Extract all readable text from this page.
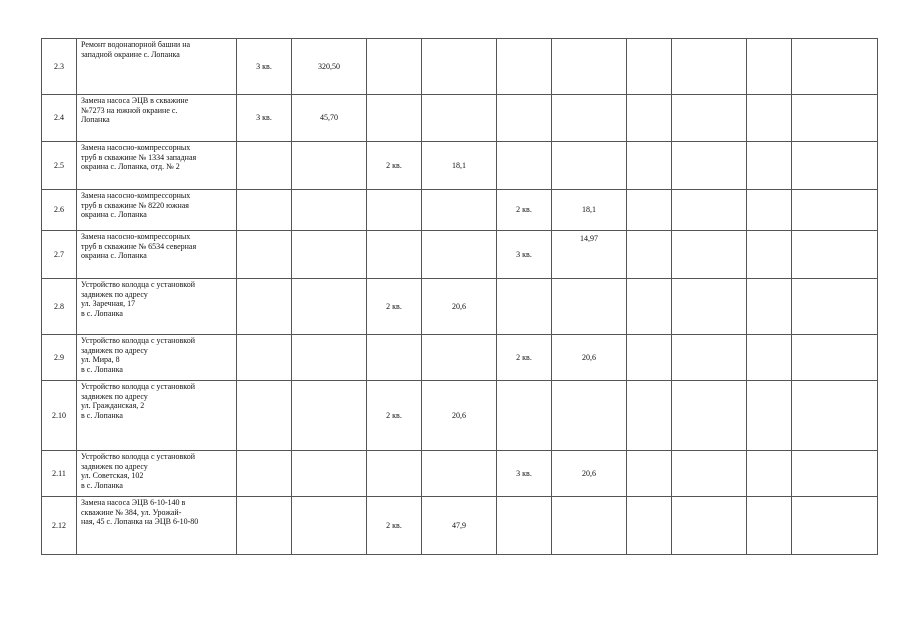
2.3	Ремонт водонапорной башни на
западной окраине с. Лопанка	3 кв.	320,50								
2.4	Замена насоса ЭЦВ в скважине
№7273 на южной окраине с.
Лопанка	3 кв.	45,70								
2.5	Замена насосно-компрессорных
труб в скважине № 1334 западная
окраина с. Лопанка, отд. № 2			2 кв.	18,1						
2.6	Замена насосно-компрессорных
труб в скважине № 8220 южная
окраина с. Лопанка					2 кв.	18,1				
2.7	Замена насосно-компрессорных
труб в скважине № 6534 северная
окраина с. Лопанка					3 кв.	14,97				
2.8	Устройство колодца с установкой
задвижек по адресу
ул. Заречная, 17
в с. Лопанка			2 кв.	20,6						
2.9	Устройство колодца с установкой
задвижек по адресу
ул. Мира, 8
в с. Лопанка					2 кв.	20,6				
2.10	Устройство колодца с установкой
задвижек по адресу
ул. Гражданская, 2
в с. Лопанка			2 кв.	20,6						
2.11	Устройство колодца с установкой
задвижек по адресу
ул. Советская, 102
в с. Лопанка					3 кв.	20,6				
2.12	Замена насоса ЭЦВ 6-10-140 в
скважине № 384, ул. Урожай-
ная, 45 с. Лопанка на ЭЦВ 6-10-80			2 кв.	47,9						
